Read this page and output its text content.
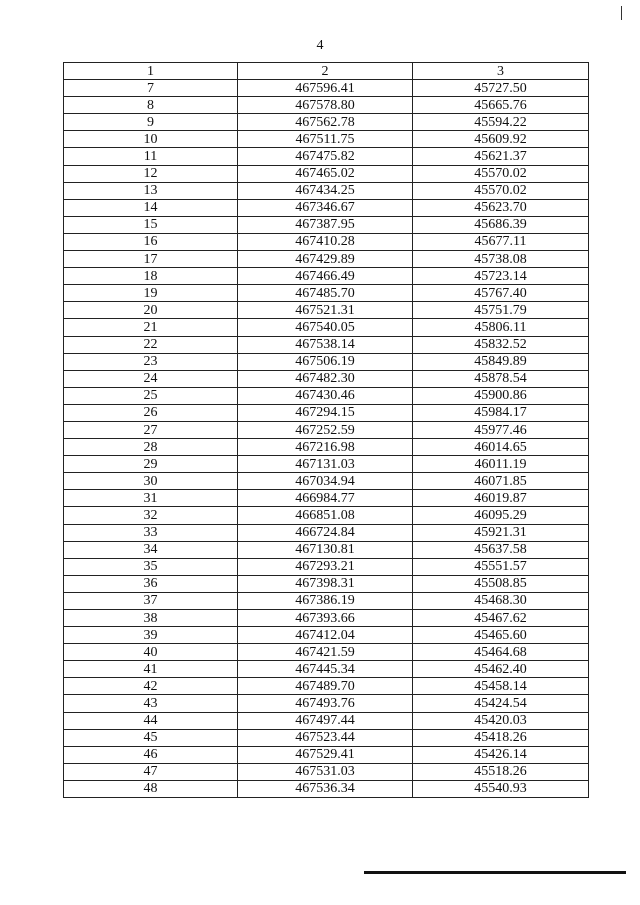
4
1	2	3
7	467596.41	45727.50
8	467578.80	45665.76
9	467562.78	45594.22
10	467511.75	45609.92
11	467475.82	45621.37
12	467465.02	45570.02
13	467434.25	45570.02
14	467346.67	45623.70
15	467387.95	45686.39
16	467410.28	45677.11
17	467429.89	45738.08
18	467466.49	45723.14
19	467485.70	45767.40
20	467521.31	45751.79
21	467540.05	45806.11
22	467538.14	45832.52
23	467506.19	45849.89
24	467482.30	45878.54
25	467430.46	45900.86
26	467294.15	45984.17
27	467252.59	45977.46
28	467216.98	46014.65
29	467131.03	46011.19
30	467034.94	46071.85
31	466984.77	46019.87
32	466851.08	46095.29
33	466724.84	45921.31
34	467130.81	45637.58
35	467293.21	45551.57
36	467398.31	45508.85
37	467386.19	45468.30
38	467393.66	45467.62
39	467412.04	45465.60
40	467421.59	45464.68
41	467445.34	45462.40
42	467489.70	45458.14
43	467493.76	45424.54
44	467497.44	45420.03
45	467523.44	45418.26
46	467529.41	45426.14
47	467531.03	45518.26
48	467536.34	45540.93
